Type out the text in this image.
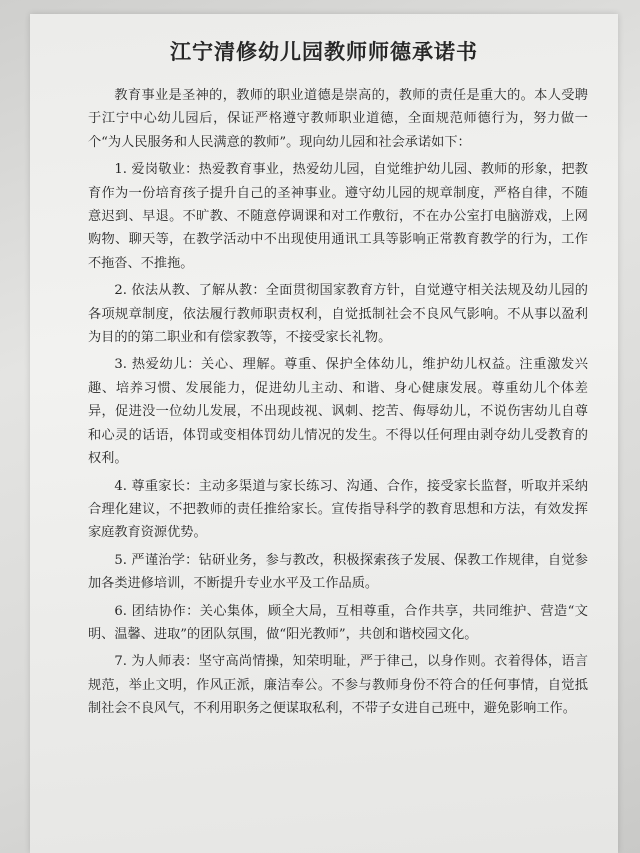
江宁清修幼儿园教师师德承诺书

教育事业是圣神的，教师的职业道德是崇高的，教师的责任是重大的。本人受聘于江宁中心幼儿园后，保证严格遵守教师职业道德，全面规范师德行为，努力做一个“为人民服务和人民满意的教师”。现向幼儿园和社会承诺如下：

1. 爱岗敬业：热爱教育事业，热爱幼儿园，自觉维护幼儿园、教师的形象，把教育作为一份培育孩子提升自己的圣神事业。遵守幼儿园的规章制度，严格自律，不随意迟到、早退。不旷教、不随意停调课和对工作敷衍，不在办公室打电脑游戏，上网购物、聊天等，在教学活动中不出现使用通讯工具等影响正常教育教学的行为，工作不拖沓、不推拖。

2. 依法从教、了解从教：全面贯彻国家教育方针，自觉遵守相关法规及幼儿园的各项规章制度，依法履行教师职责权利，自觉抵制社会不良风气影响。不从事以盈利为目的的第二职业和有偿家教等，不接受家长礼物。

3. 热爱幼儿：关心、理解。尊重、保护全体幼儿，维护幼儿权益。注重激发兴趣、培养习惯、发展能力，促进幼儿主动、和谐、身心健康发展。尊重幼儿个体差异，促进没一位幼儿发展，不出现歧视、讽刺、挖苦、侮辱幼儿，不说伤害幼儿自尊和心灵的话语，体罚或变相体罚幼儿情况的发生。不得以任何理由剥夺幼儿受教育的权利。

4. 尊重家长：主动多渠道与家长练习、沟通、合作，接受家长监督，听取并采纳合理化建议，不把教师的责任推给家长。宣传指导科学的教育思想和方法，有效发挥家庭教育资源优势。

5. 严谨治学：钻研业务，参与教改，积极探索孩子发展、保教工作规律，自觉参加各类进修培训，不断提升专业水平及工作品质。

6. 团结协作：关心集体，顾全大局，互相尊重，合作共享，共同维护、营造“文明、温馨、进取”的团队氛围，做“阳光教师”，共创和谐校园文化。

7. 为人师表：坚守高尚情操，知荣明耻，严于律己，以身作则。衣着得体，语言规范，举止文明，作风正派，廉洁奉公。不参与教师身份不符合的任何事情，自觉抵制社会不良风气，不利用职务之便谋取私利，不带子女进自己班中，避免影响工作。
